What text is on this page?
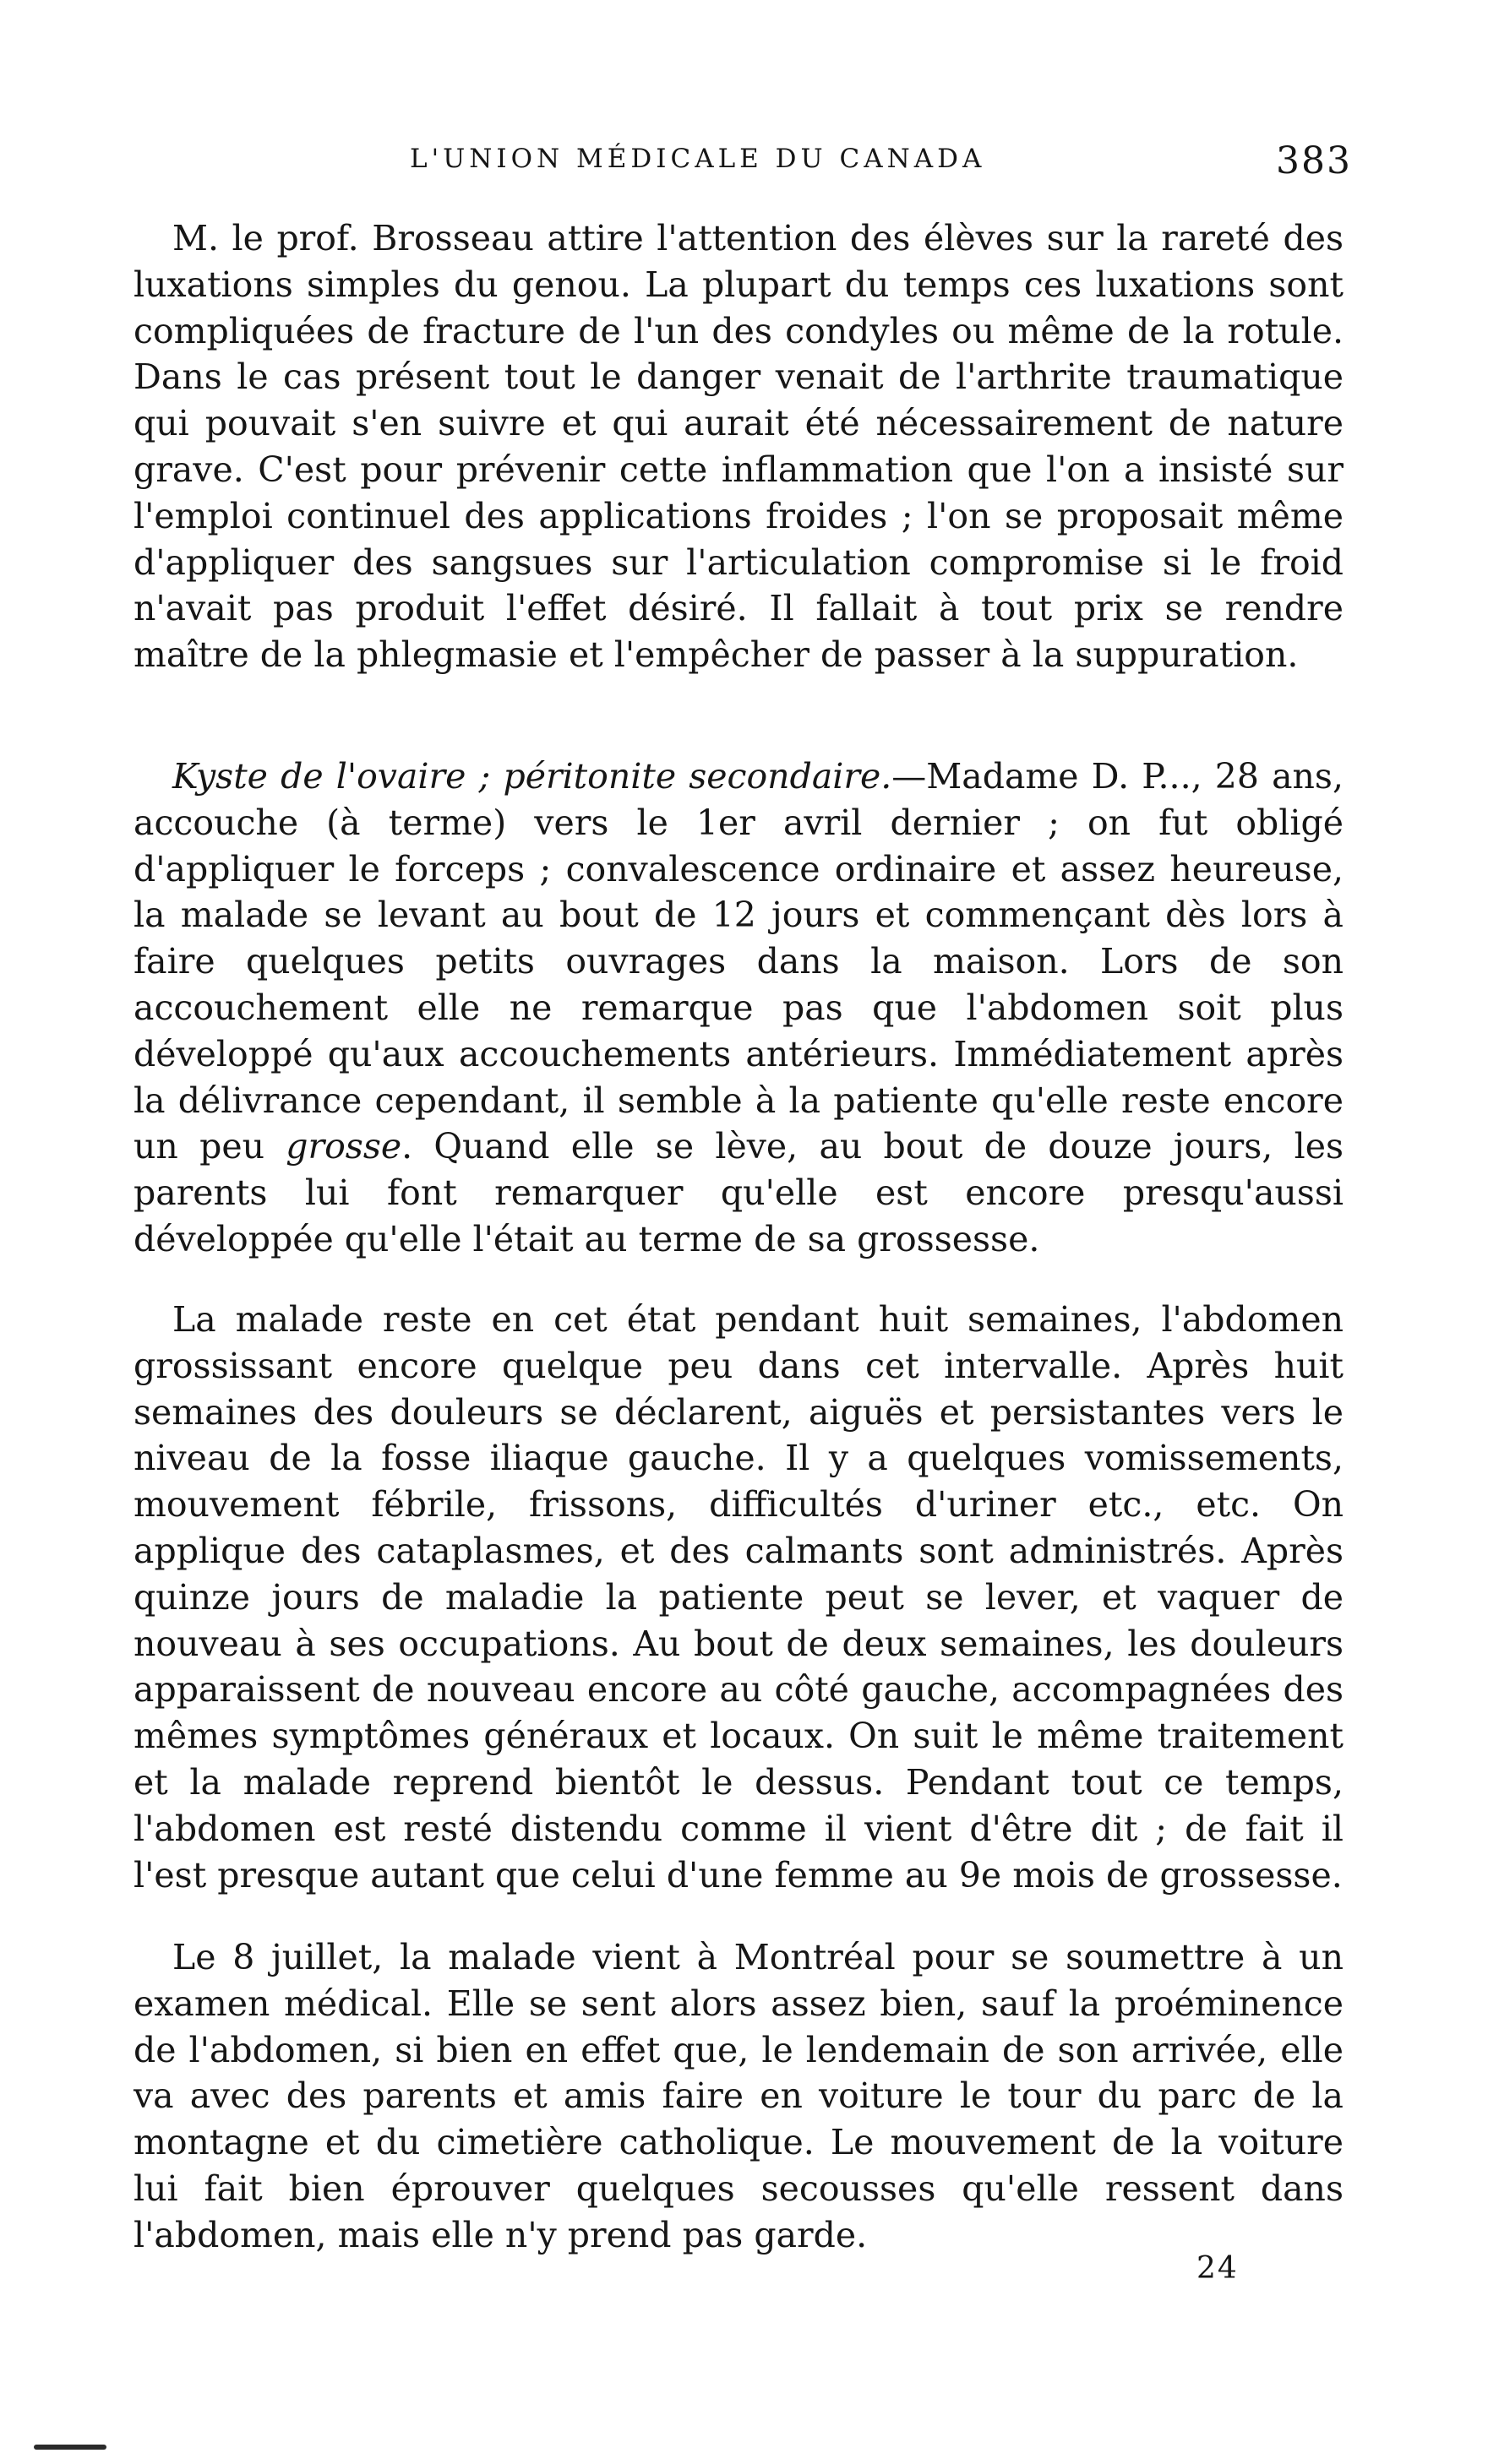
L'UNION MÉDICALE DU CANADA	383

M. le prof. Brosseau attire l'attention des élèves sur la rareté des luxations simples du genou. La plupart du temps ces luxations sont compliquées de fracture de l'un des condyles ou même de la rotule. Dans le cas présent tout le danger venait de l'arthrite traumatique qui pouvait s'en suivre et qui aurait été nécessairement de nature grave. C'est pour prévenir cette inflammation que l'on a insisté sur l'emploi continuel des applications froides ; l'on se proposait même d'appliquer des sangsues sur l'articulation compromise si le froid n'avait pas produit l'effet désiré. Il fallait à tout prix se rendre maître de la phlegmasie et l'empêcher de passer à la suppuration.

Kyste de l'ovaire ; péritonite secondaire.—Madame D. P..., 28 ans, accouche (à terme) vers le 1er avril dernier ; on fut obligé d'appliquer le forceps ; convalescence ordinaire et assez heureuse, la malade se levant au bout de 12 jours et commençant dès lors à faire quelques petits ouvrages dans la maison. Lors de son accouchement elle ne remarque pas que l'abdomen soit plus développé qu'aux accouchements antérieurs. Immédiatement après la délivrance cependant, il semble à la patiente qu'elle reste encore un peu grosse. Quand elle se lève, au bout de douze jours, les parents lui font remarquer qu'elle est encore presqu'aussi développée qu'elle l'était au terme de sa grossesse.

La malade reste en cet état pendant huit semaines, l'abdomen grossissant encore quelque peu dans cet intervalle. Après huit semaines des douleurs se déclarent, aiguës et persistantes vers le niveau de la fosse iliaque gauche. Il y a quelques vomissements, mouvement fébrile, frissons, difficultés d'uriner etc., etc. On applique des cataplasmes, et des calmants sont administrés. Après quinze jours de maladie la patiente peut se lever, et vaquer de nouveau à ses occupations. Au bout de deux semaines, les douleurs apparaissent de nouveau encore au côté gauche, accompagnées des mêmes symptômes généraux et locaux. On suit le même traitement et la malade reprend bientôt le dessus. Pendant tout ce temps, l'abdomen est resté distendu comme il vient d'être dit ; de fait il l'est presque autant que celui d'une femme au 9e mois de grossesse.

Le 8 juillet, la malade vient à Montréal pour se soumettre à un examen médical. Elle se sent alors assez bien, sauf la proéminence de l'abdomen, si bien en effet que, le lendemain de son arrivée, elle va avec des parents et amis faire en voiture le tour du parc de la montagne et du cimetière catholique. Le mouvement de la voiture lui fait bien éprouver quelques secousses qu'elle ressent dans l'abdomen, mais elle n'y prend pas garde.

24
